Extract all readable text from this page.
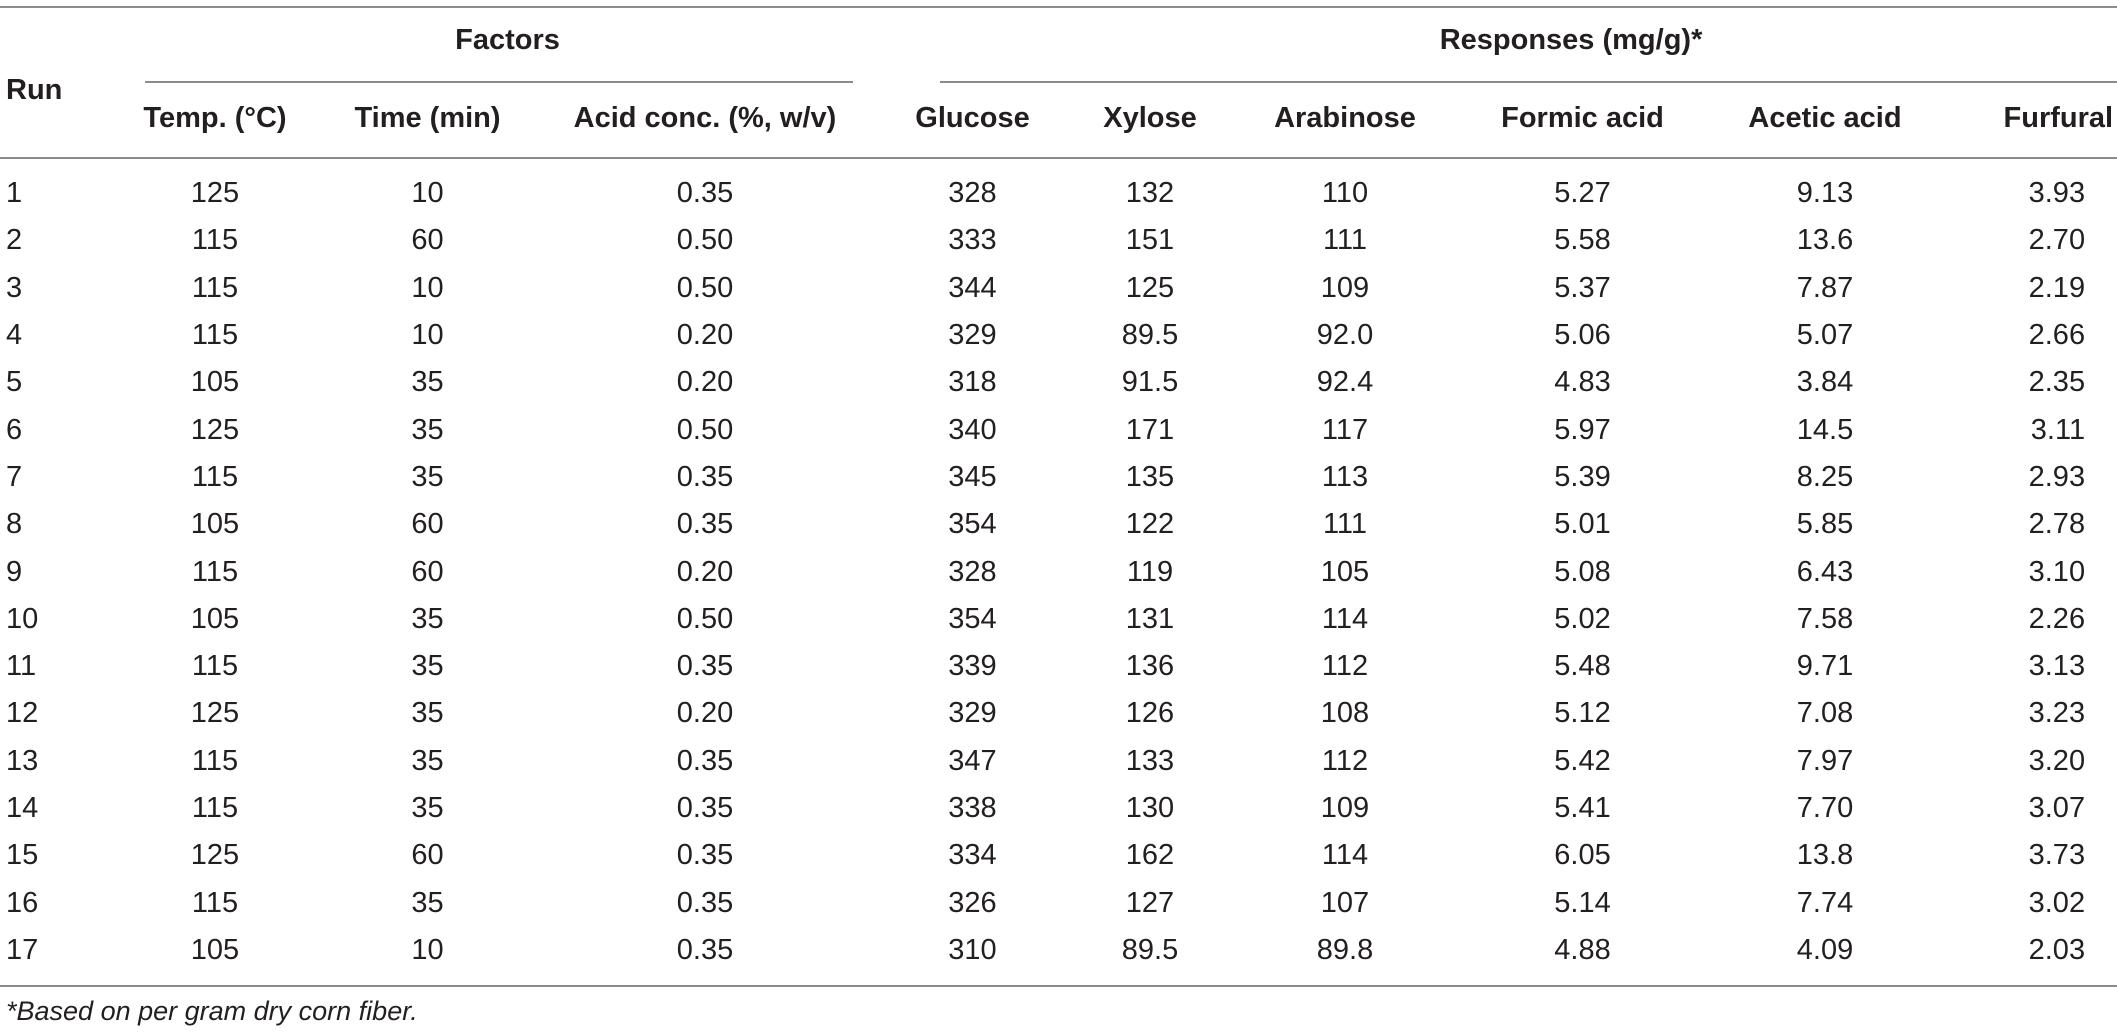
Run	Factors			Responses (mg/g)*					
	Temp. (°C)	Time (min)	Acid conc. (%, w/v)	Glucose	Xylose	Arabinose	Formic acid	Acetic acid	Furfural
1	125	10	0.35	328	132	110	5.27	9.13	3.93
2	115	60	0.50	333	151	111	5.58	13.6	2.70
3	115	10	0.50	344	125	109	5.37	7.87	2.19
4	115	10	0.20	329	89.5	92.0	5.06	5.07	2.66
5	105	35	0.20	318	91.5	92.4	4.83	3.84	2.35
6	125	35	0.50	340	171	117	5.97	14.5	3.11
7	115	35	0.35	345	135	113	5.39	8.25	2.93
8	105	60	0.35	354	122	111	5.01	5.85	2.78
9	115	60	0.20	328	119	105	5.08	6.43	3.10
10	105	35	0.50	354	131	114	5.02	7.58	2.26
11	115	35	0.35	339	136	112	5.48	9.71	3.13
12	125	35	0.20	329	126	108	5.12	7.08	3.23
13	115	35	0.35	347	133	112	5.42	7.97	3.20
14	115	35	0.35	338	130	109	5.41	7.70	3.07
15	125	60	0.35	334	162	114	6.05	13.8	3.73
16	115	35	0.35	326	127	107	5.14	7.74	3.02
17	105	10	0.35	310	89.5	89.8	4.88	4.09	2.03
*Based on per gram dry corn fiber.
